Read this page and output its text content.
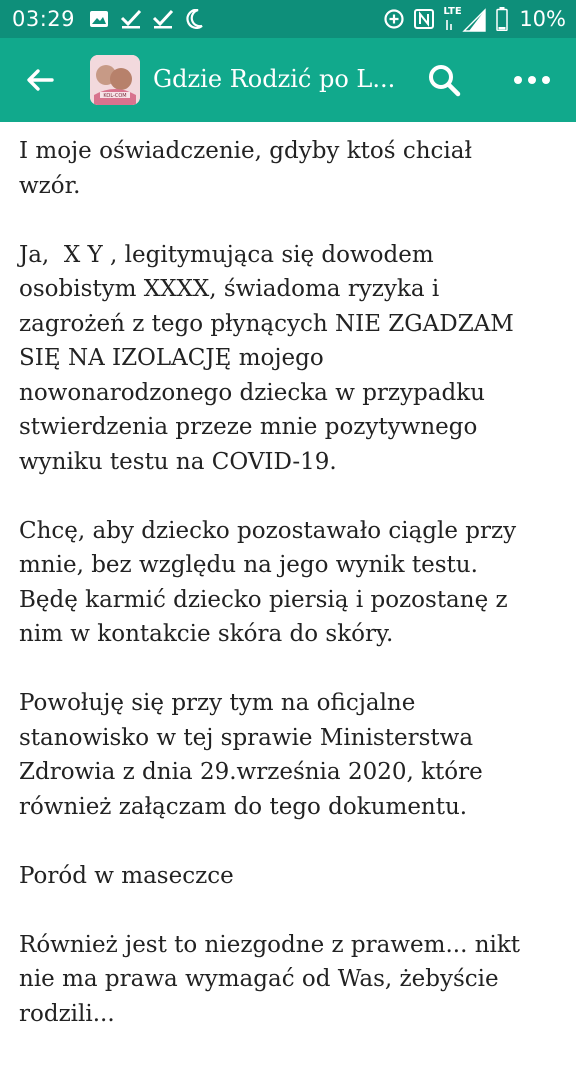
03:29	LTE	10%
KOL-COM
Gdzie Rodzić po L...

I moje oświadczenie, gdyby ktoś chciał
wzór.

Ja,  X Y , legitymująca się dowodem
osobistym XXXX, świadoma ryzyka i
zagrożeń z tego płynących NIE ZGADZAM
SIĘ NA IZOLACJĘ mojego
nowonarodzonego dziecka w przypadku
stwierdzenia przeze mnie pozytywnego
wyniku testu na COVID-19.

Chcę, aby dziecko pozostawało ciągle przy
mnie, bez względu na jego wynik testu.
Będę karmić dziecko piersią i pozostanę z
nim w kontakcie skóra do skóry.

Powołuję się przy tym na oficjalne
stanowisko w tej sprawie Ministerstwa
Zdrowia z dnia 29.września 2020, które
również załączam do tego dokumentu.

Poród w maseczce

Również jest to niezgodne z prawem... nikt
nie ma prawa wymagać od Was, żebyście
rodzili...
